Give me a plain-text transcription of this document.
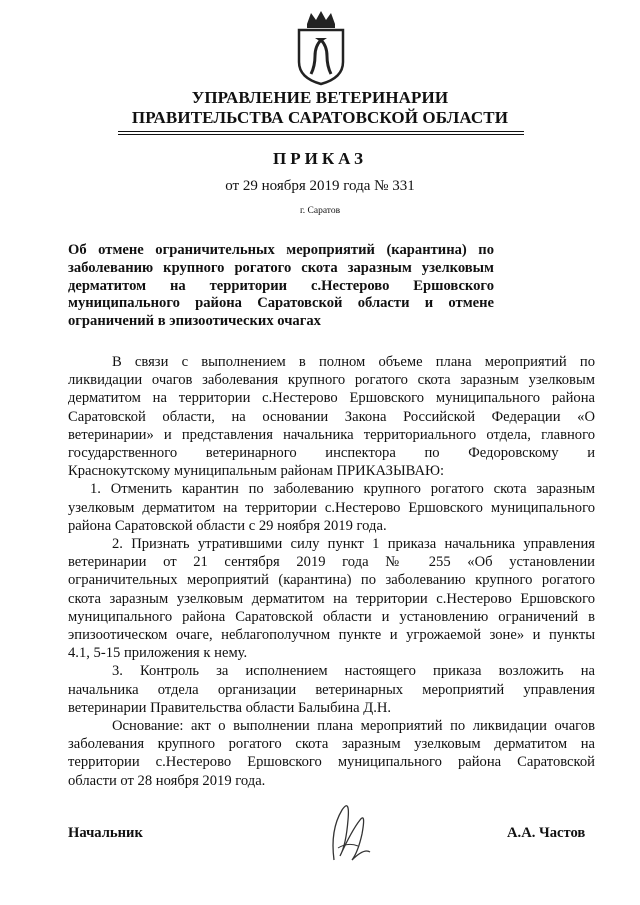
УПРАВЛЕНИЕ ВЕТЕРИНАРИИ
ПРАВИТЕЛЬСТВА САРАТОВСКОЙ ОБЛАСТИ
ПРИКАЗ
от 29 ноября 2019 года № 331
г. Саратов
Об отмене ограничительных мероприятий (карантина) по
заболеванию крупного рогатого скота заразным узелковым
дерматитом на территории с.Нестерово Ершовского
муниципального района Саратовской области и отмене
ограничений в эпизоотических очагах
В связи с выполнением в полном объеме плана мероприятий по
ликвидации очагов заболевания крупного рогатого скота заразным узелковым
дерматитом на территории с.Нестерово Ершовского муниципального района
Саратовской области, на основании Закона Российской Федерации «О
ветеринарии» и представления начальника территориального отдела, главного
государственного ветеринарного инспектора по Федоровскому и
Краснокутскому муниципальным районам ПРИКАЗЫВАЮ:
1. Отменить карантин по заболеванию крупного рогатого скота заразным
узелковым дерматитом на территории с.Нестерово Ершовского муниципального
района Саратовской области с 29 ноября 2019 года.
2. Признать утратившими силу пункт 1 приказа начальника управления
ветеринарии от 21 сентября 2019 года № 255 «Об установлении
ограничительных мероприятий (карантина) по заболеванию крупного рогатого
скота заразным узелковым дерматитом на территории с.Нестерово Ершовского
муниципального района Саратовской области и установлению ограничений в
эпизоотическом очаге, неблагополучном пункте и угрожаемой зоне» и пункты
4.1, 5-15 приложения к нему.
3. Контроль за исполнением настоящего приказа возложить на
начальника отдела организации ветеринарных мероприятий управления
ветеринарии Правительства области Балыбина Д.Н.
Основание: акт о выполнении плана мероприятий по ликвидации очагов
заболевания крупного рогатого скота заразным узелковым дерматитом на
территории с.Нестерово Ершовского муниципального района Саратовской
области от 28 ноября 2019 года.
Начальник	А.А. Частов
